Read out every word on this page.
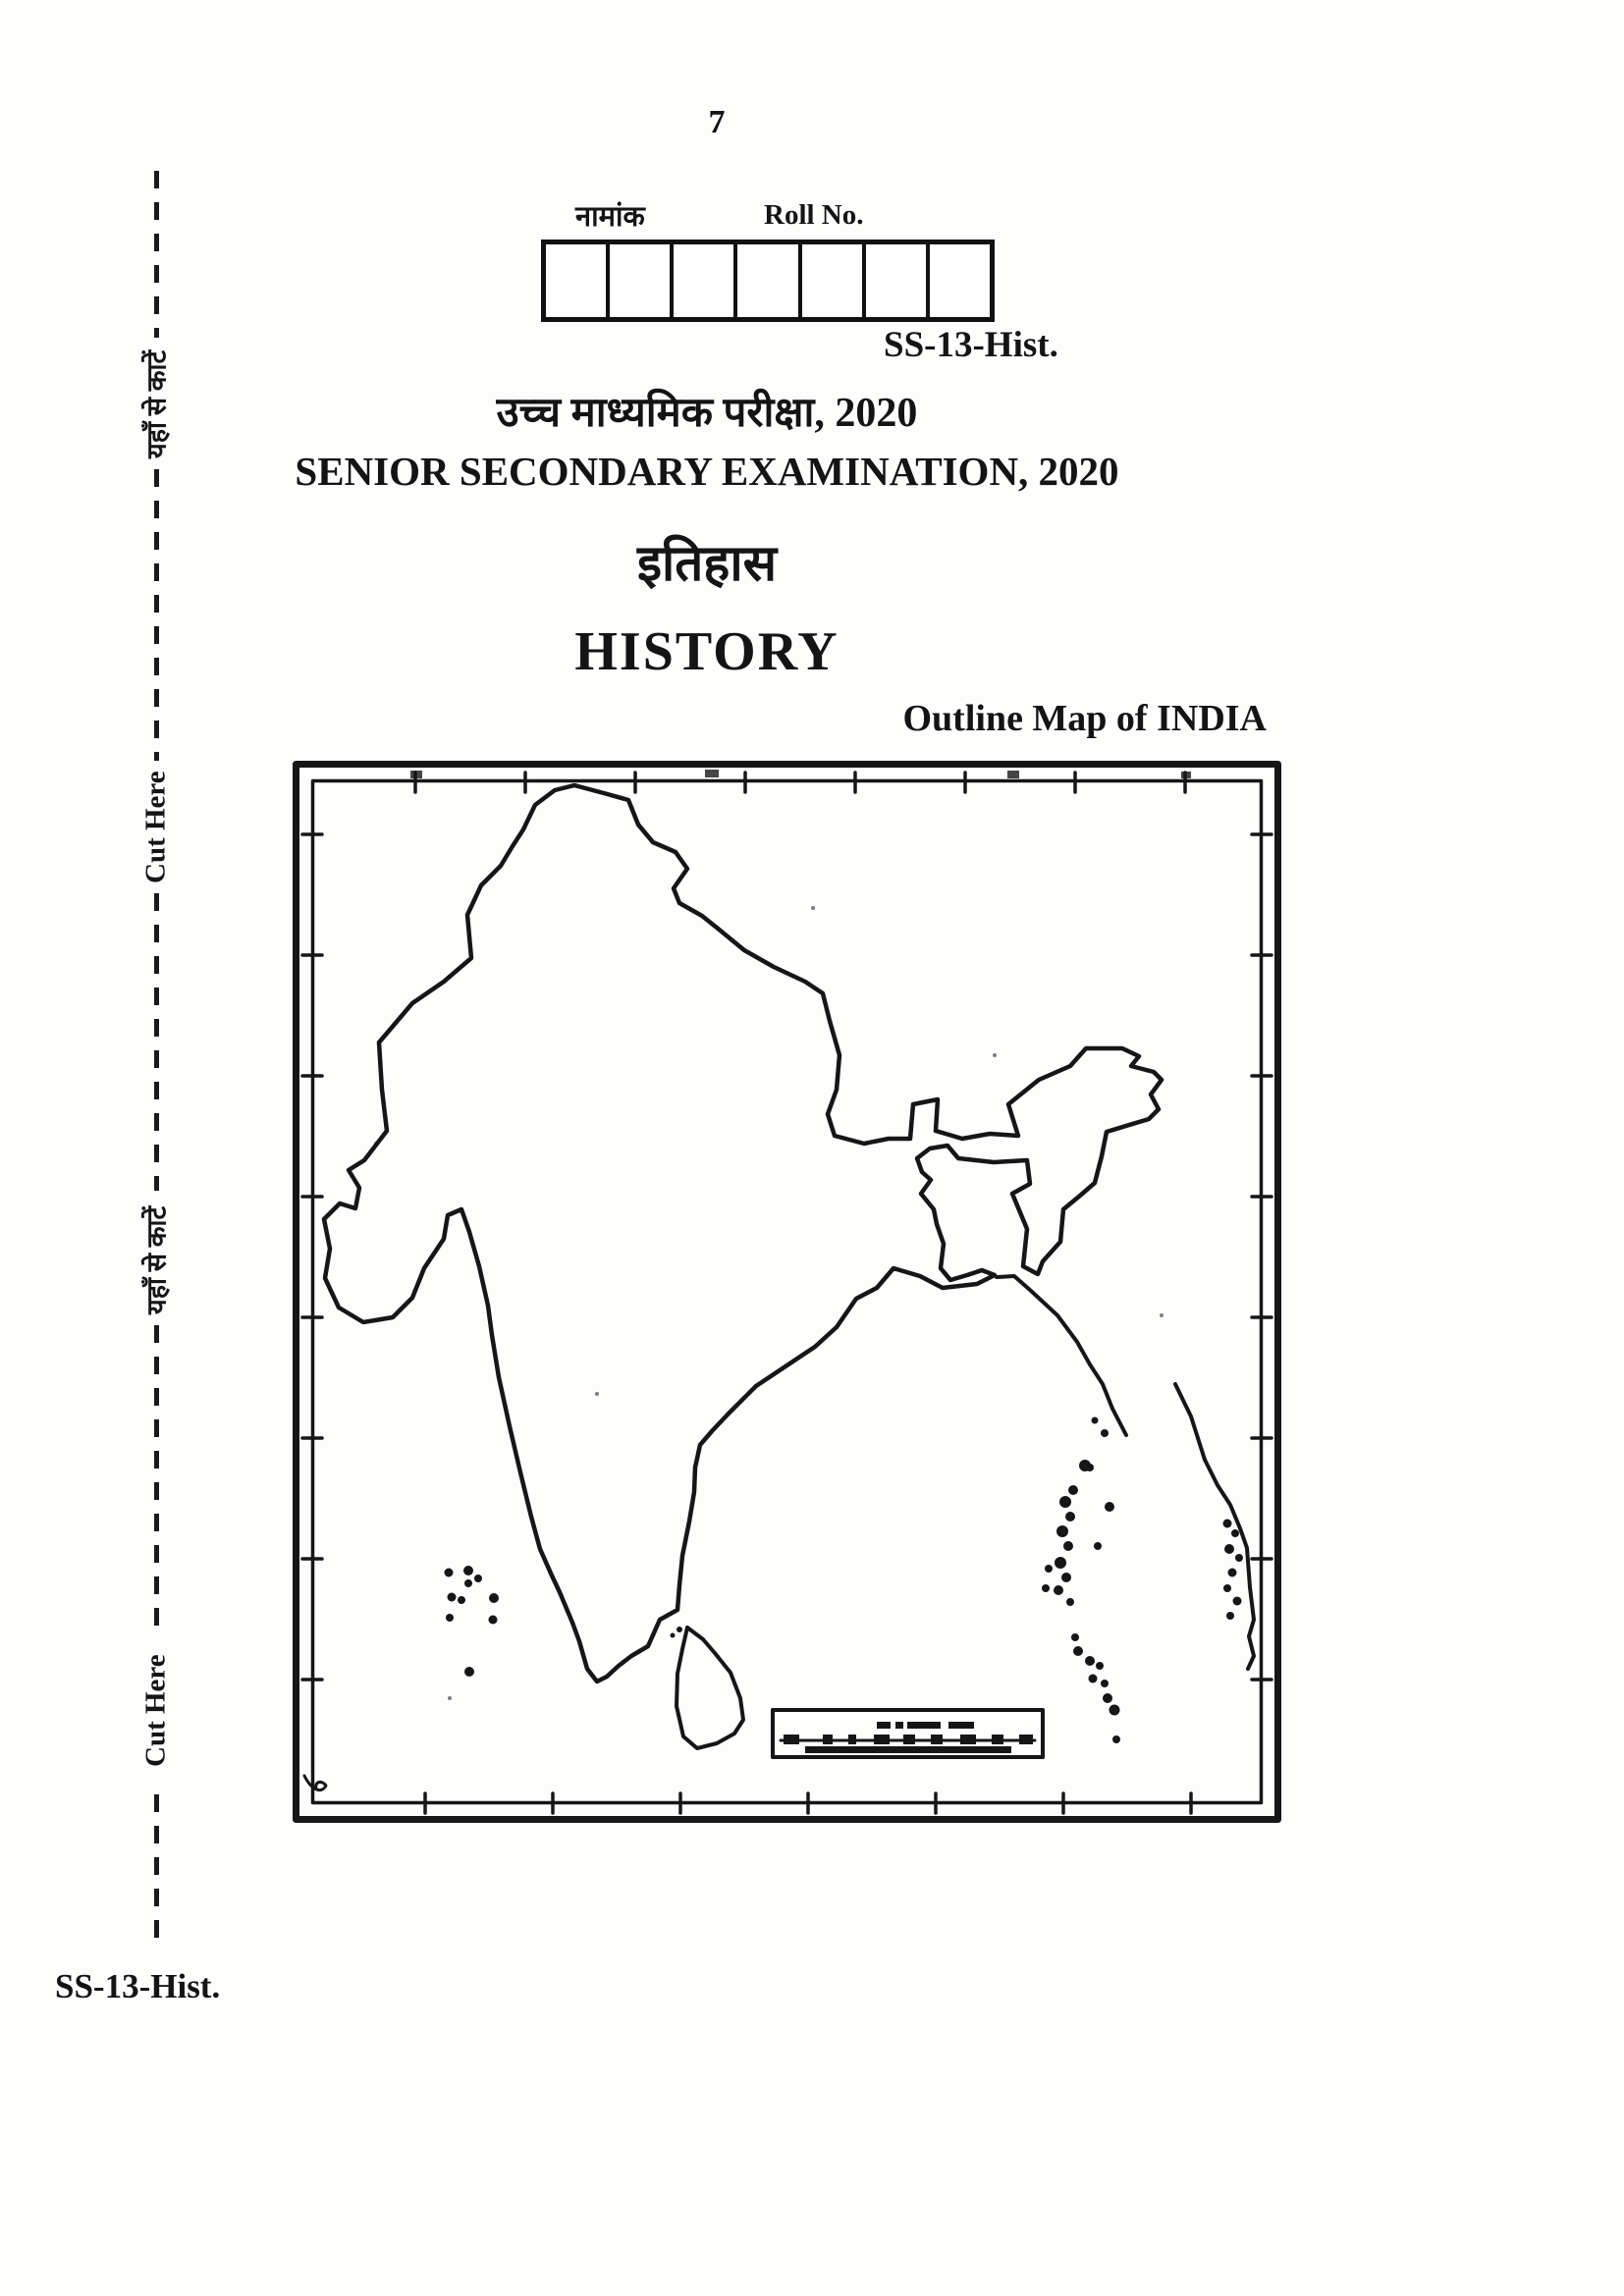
7
यहाँ से काटें
Cut Here
यहाँ से काटें
Cut Here
नामांक	Roll No.
SS-13-Hist.
उच्च माध्यमिक परीक्षा, 2020
SENIOR SECONDARY EXAMINATION, 2020
इतिहास
HISTORY
Outline Map of INDIA
SS-13-Hist.
